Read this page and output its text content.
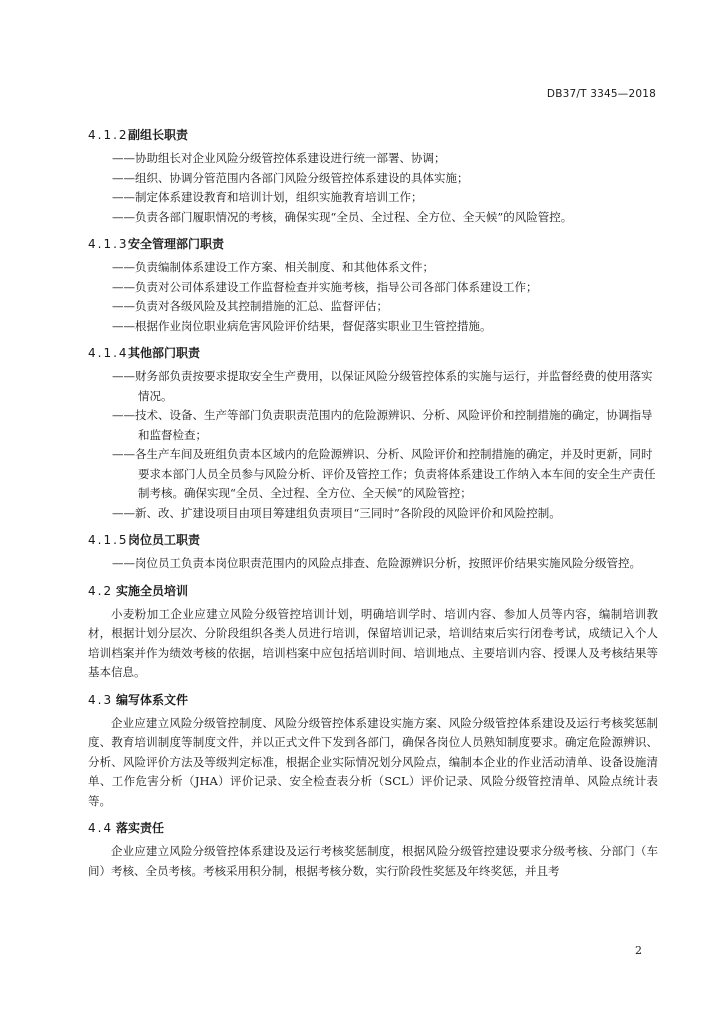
DB37/T 3345—2018
4.1.2副组长职责
——协助组长对企业风险分级管控体系建设进行统一部署、协调；
——组织、协调分管范围内各部门风险分级管控体系建设的具体实施；
——制定体系建设教育和培训计划，组织实施教育培训工作；
——负责各部门履职情况的考核，确保实现“全员、全过程、全方位、全天候”的风险管控。
4.1.3安全管理部门职责
——负责编制体系建设工作方案、相关制度、和其他体系文件；
——负责对公司体系建设工作监督检查并实施考核，指导公司各部门体系建设工作；
——负责对各级风险及其控制措施的汇总、监督评估；
——根据作业岗位职业病危害风险评价结果，督促落实职业卫生管控措施。
4.1.4其他部门职责
——财务部负责按要求提取安全生产费用，以保证风险分级管控体系的实施与运行，并监督经费的使用落实情况。
——技术、设备、生产等部门负责职责范围内的危险源辨识、分析、风险评价和控制措施的确定，协调指导和监督检查；
——各生产车间及班组负责本区域内的危险源辨识、分析、风险评价和控制措施的确定，并及时更新，同时要求本部门人员全员参与风险分析、评价及管控工作；负责将体系建设工作纳入本车间的安全生产责任制考核。确保实现“全员、全过程、全方位、全天候”的风险管控；
——新、改、扩建设项目由项目筹建组负责项目“三同时”各阶段的风险评价和风险控制。
4.1.5岗位员工职责
——岗位员工负责本岗位职责范围内的风险点排查、危险源辨识分析，按照评价结果实施风险分级管控。
4.2 实施全员培训

小麦粉加工企业应建立风险分级管控培训计划，明确培训学时、培训内容、参加人员等内容，编制培训教材，根据计划分层次、分阶段组织各类人员进行培训，保留培训记录，培训结束后实行闭卷考试，成绩记入个人培训档案并作为绩效考核的依据，培训档案中应包括培训时间、培训地点、主要培训内容、授课人及考核结果等基本信息。

4.3 编写体系文件

企业应建立风险分级管控制度、风险分级管控体系建设实施方案、风险分级管控体系建设及运行考核奖惩制度、教育培训制度等制度文件，并以正式文件下发到各部门，确保各岗位人员熟知制度要求。确定危险源辨识、分析、风险评价方法及等级判定标准，根据企业实际情况划分风险点，编制本企业的作业活动清单、设备设施清单、工作危害分析（JHA）评价记录、安全检查表分析（SCL）评价记录、风险分级管控清单、风险点统计表等。

4.4 落实责任

企业应建立风险分级管控体系建设及运行考核奖惩制度，根据风险分级管控建设要求分级考核、分部门（车间）考核、全员考核。考核采用积分制，根据考核分数，实行阶段性奖惩及年终奖惩，并且考

2
